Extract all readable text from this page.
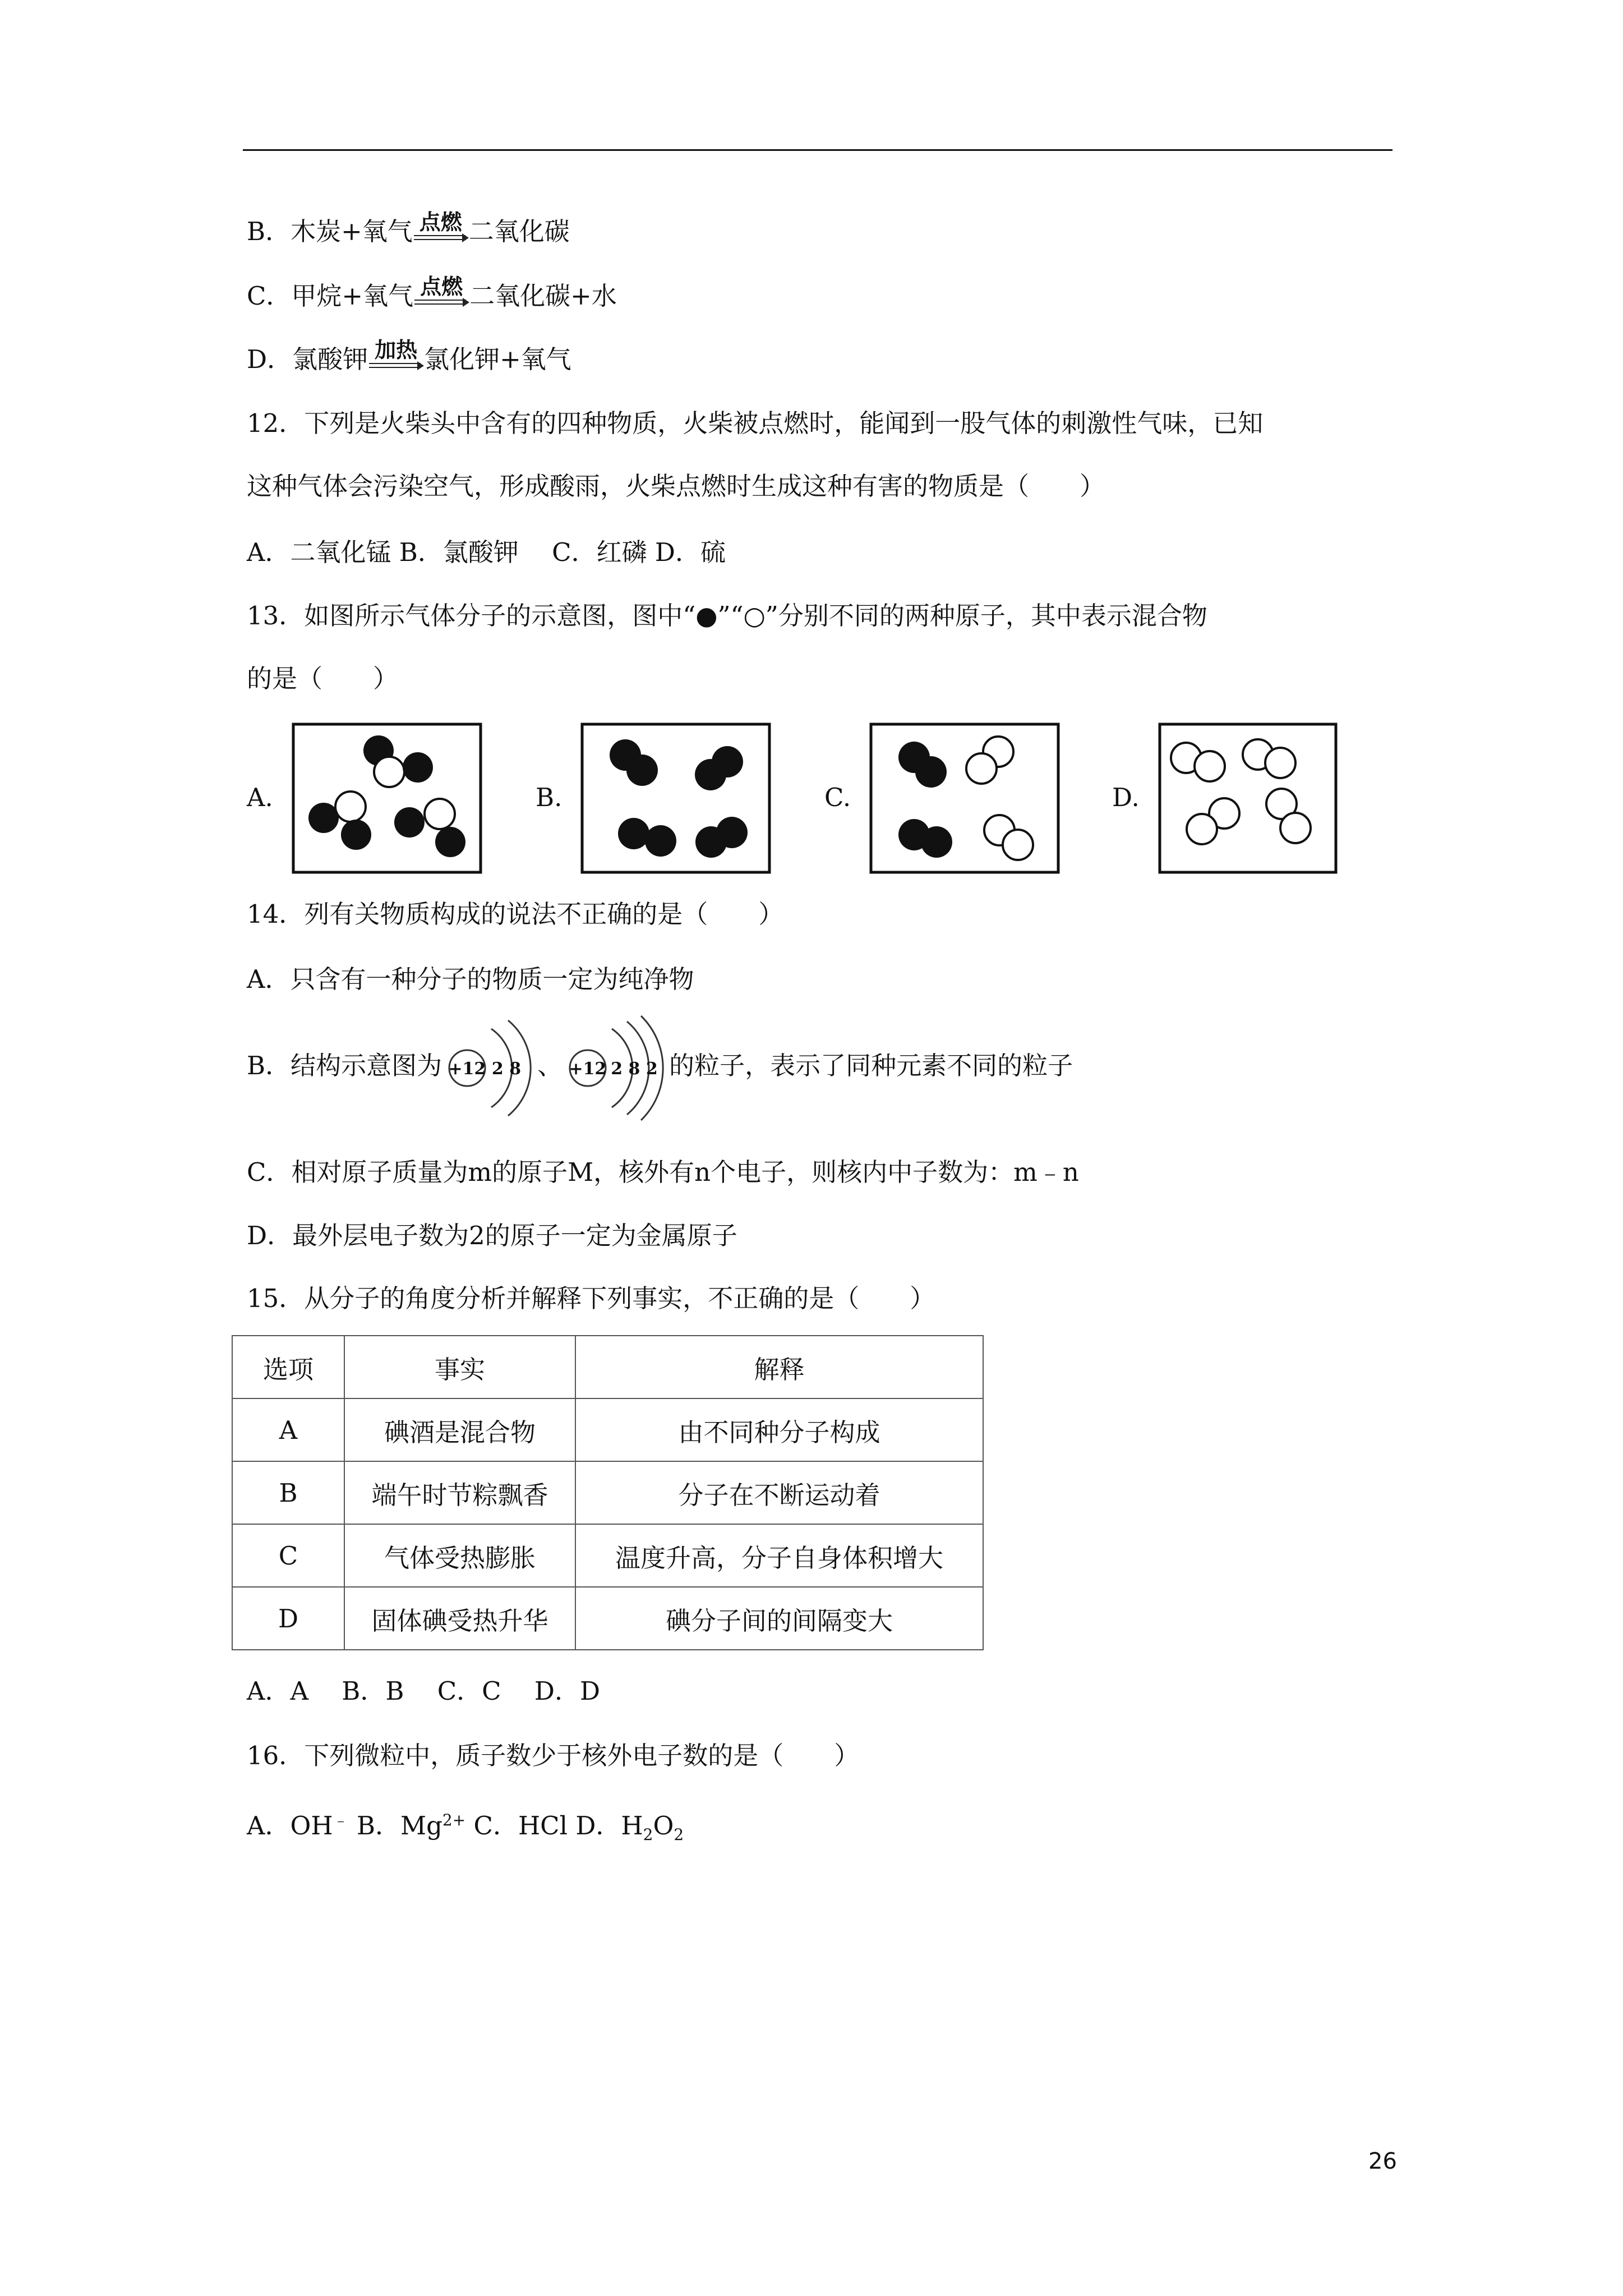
B．木炭+氧气 点燃 二氧化碳
C．甲烷+氧气 点燃 二氧化碳+水
D．氯酸钾 加热 氯化钾+氧气
12．下列是火柴头中含有的四种物质，火柴被点燃时，能闻到一股气体的刺激性气味，已知
这种气体会污染空气，形成酸雨，火柴点燃时生成这种有害的物质是（　　）
A．二氧化锰 B．氯酸钾　 C．红磷 D．硫
13．如图所示气体分子的示意图，图中“●”“○”分别不同的两种原子，其中表示混合物
的是（　　）
A.	B.	C.	D.
14．列有关物质构成的说法不正确的是（　　）
A．只含有一种分子的物质一定为纯净物
B．结构示意图为 +12 2 8 、 +12 2 8 2 的粒子，表示了同种元素不同的粒子
C．相对原子质量为m的原子M，核外有n个电子，则核内中子数为：m﹣n
D．最外层电子数为2的原子一定为金属原子
15．从分子的角度分析并解释下列事实，不正确的是（　　）
选项	事实	解释
A	碘酒是混合物	由不同种分子构成
B	端午时节粽飘香	分子在不断运动着
C	气体受热膨胀	温度升高，分子自身体积增大
D	固体碘受热升华	碘分子间的间隔变大
A．A　 B．B　 C．C　 D．D
16．下列微粒中，质子数少于核外电子数的是（　　）
A．OH﹣ B．$Mg^{2+}$ C．HCl D．$H_2O_2$
26
